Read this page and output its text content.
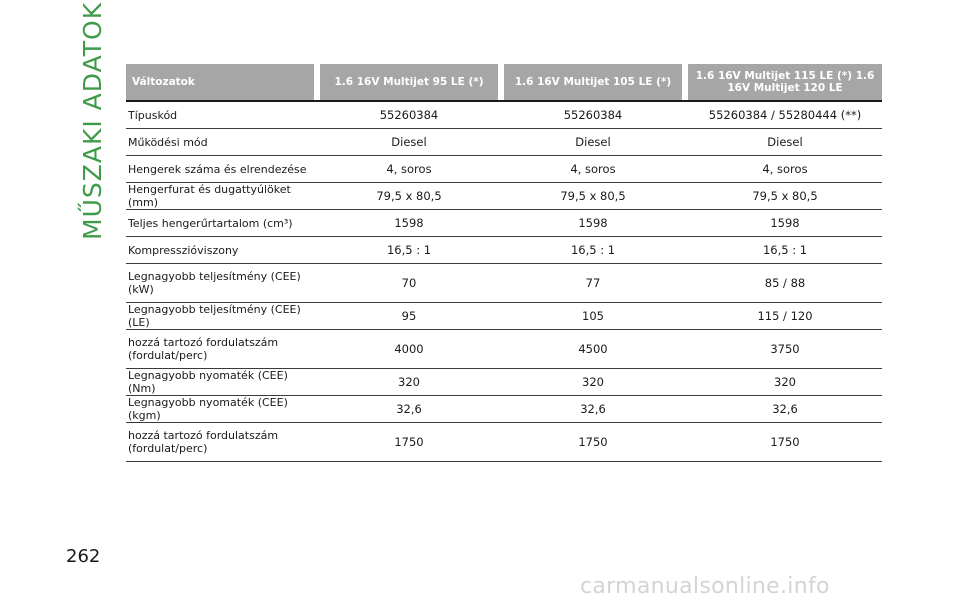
MŰSZAKI ADATOK Változatok		1.6 16V Multijet 95 LE (*)		1.6 16V Multijet 105 LE (*)		1.6 16V Multijet 115 LE (*) 1.6 16V Multijet 120 LE
Típuskód		55260384		55260384		55260384 / 55280444 (**)
Működési mód		Diesel		Diesel		Diesel
Hengerek száma és elrendezése		4, soros		4, soros		4, soros
Hengerfurat és dugattyúlöket (mm)		79,5 x 80,5		79,5 x 80,5		79,5 x 80,5
Teljes hengerűrtartalom (cm³)		1598		1598		1598
Kompresszióviszony		16,5 : 1		16,5 : 1		16,5 : 1
Legnagyobb teljesítmény (CEE) (kW)		70		77		85 / 88
Legnagyobb teljesítmény (CEE) (LE)		95		105		115 / 120
hozzá tartozó fordulatszám (fordulat/perc)		4000		4500		3750
Legnagyobb nyomaték (CEE) (Nm)		320		320		320
Legnagyobb nyomaték (CEE) (kgm)		32,6		32,6		32,6
hozzá tartozó fordulatszám (fordulat/perc)		1750		1750		1750
262
carmanualsonline.info
